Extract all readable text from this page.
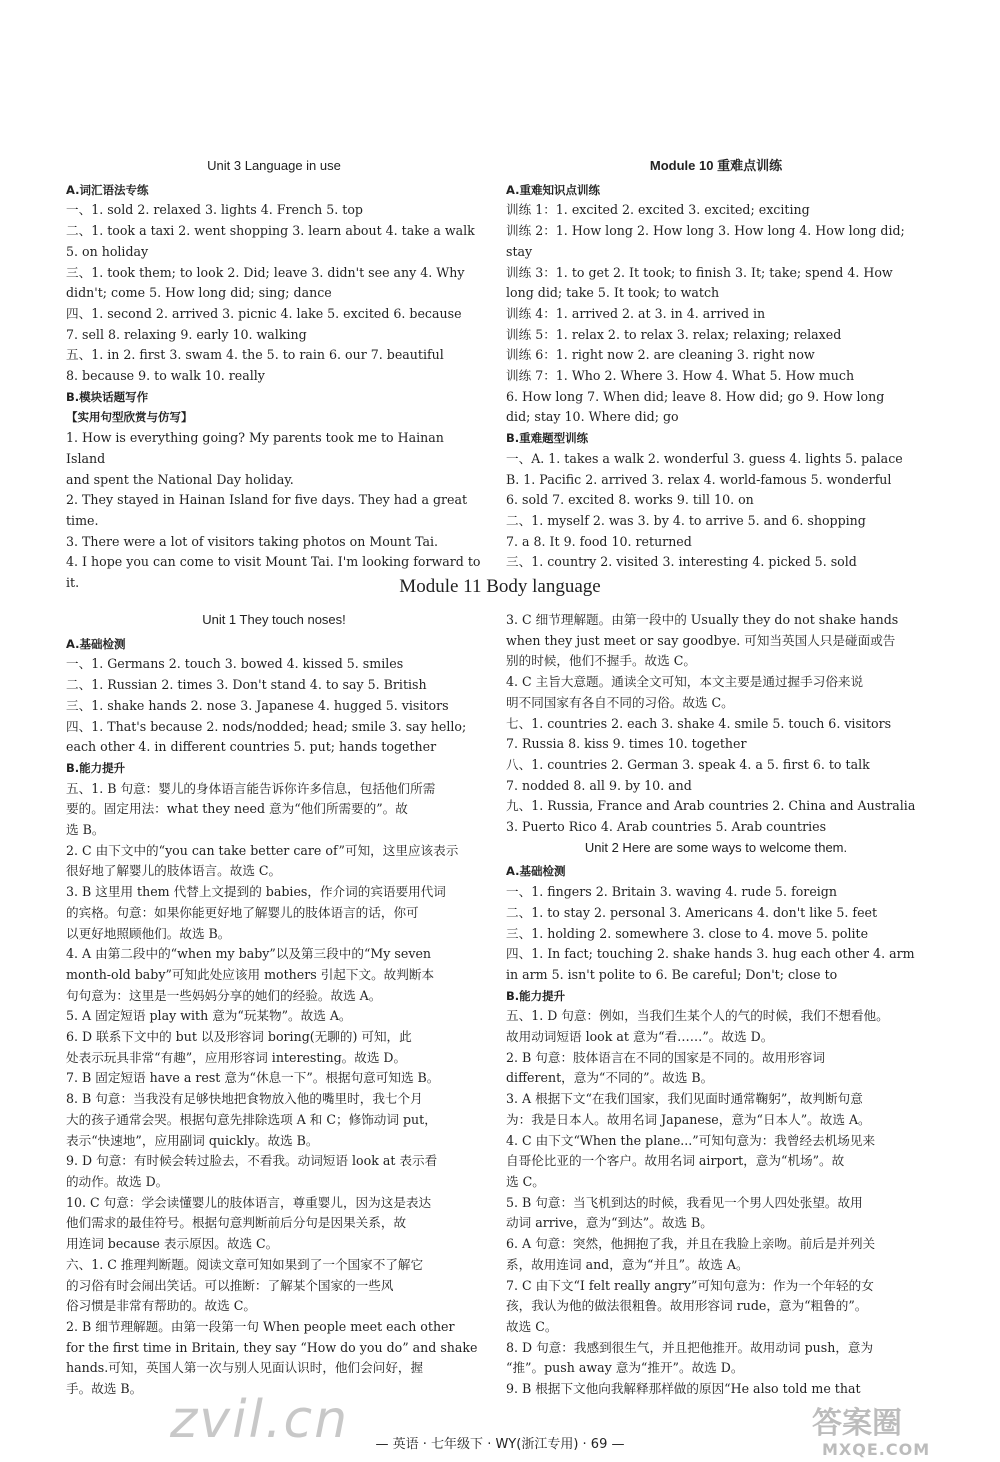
Unit 3 Language in use
A.词汇语法专练
一、1. sold 2. relaxed 3. lights 4. French 5. top
二、1. took a taxi 2. went shopping 3. learn about 4. take a walk
5. on holiday
三、1. took them; to look 2. Did; leave 3. didn't see any 4. Why
didn't; come 5. How long did; sing; dance
四、1. second 2. arrived 3. picnic 4. lake 5. excited 6. because
7. sell 8. relaxing 9. early 10. walking
五、1. in 2. first 3. swam 4. the 5. to rain 6. our 7. beautiful
8. because 9. to walk 10. really
B.模块话题写作
【实用句型欣赏与仿写】
1. How is everything going? My parents took me to Hainan Island
and spent the National Day holiday.
2. They stayed in Hainan Island for five days. They had a great
time.
3. There were a lot of visitors taking photos on Mount Tai.
4. I hope you can come to visit Mount Tai. I'm looking forward to it.
Module 10 重难点训练
A.重难知识点训练
训练 1：1. excited 2. excited 3. excited; exciting
训练 2：1. How long 2. How long 3. How long 4. How long did; stay
训练 3：1. to get 2. It took; to finish 3. It; take; spend 4. How
long did; take 5. It took; to watch
训练 4：1. arrived 2. at 3. in 4. arrived in
训练 5：1. relax 2. to relax 3. relax; relaxing; relaxed
训练 6：1. right now 2. are cleaning 3. right now
训练 7：1. Who 2. Where 3. How 4. What 5. How much
6. How long 7. When did; leave 8. How did; go 9. How long
did; stay 10. Where did; go
B.重难题型训练
一、A. 1. takes a walk 2. wonderful 3. guess 4. lights 5. palace
B. 1. Pacific 2. arrived 3. relax 4. world-famous 5. wonderful
6. sold 7. excited 8. works 9. till 10. on
二、1. myself 2. was 3. by 4. to arrive 5. and 6. shopping
7. a 8. It 9. food 10. returned
三、1. country 2. visited 3. interesting 4. picked 5. sold
Module 11 Body language
Unit 1 They touch noses!
A.基础检测
一、1. Germans 2. touch 3. bowed 4. kissed 5. smiles
二、1. Russian 2. times 3. Don't stand 4. to say 5. British
三、1. shake hands 2. nose 3. Japanese 4. hugged 5. visitors
四、1. That's because 2. nods/nodded; head; smile 3. say hello;
each other 4. in different countries 5. put; hands together
B.能力提升
五、1. B 句意：婴儿的身体语言能告诉你许多信息，包括他们所需
要的。固定用法：what they need 意为“他们所需要的”。故
选 B。
2. C 由下文中的“you can take better care of”可知，这里应该表示
很好地了解婴儿的肢体语言。故选 C。
3. B 这里用 them 代替上文提到的 babies，作介词的宾语要用代词
的宾格。句意：如果你能更好地了解婴儿的肢体语言的话，你可
以更好地照顾他们。故选 B。
4. A 由第二段中的“when my baby”以及第三段中的“My seven
month-old baby”可知此处应该用 mothers 引起下文。故判断本
句句意为：这里是一些妈妈分享的她们的经验。故选 A。
5. A 固定短语 play with 意为“玩某物”。故选 A。
6. D 联系下文中的 but 以及形容词 boring(无聊的) 可知，此
处表示玩具非常“有趣”，应用形容词 interesting。故选 D。
7. B 固定短语 have a rest 意为“休息一下”。根据句意可知选 B。
8. B 句意：当我没有足够快地把食物放入他的嘴里时，我七个月
大的孩子通常会哭。根据句意先排除选项 A 和 C；修饰动词 put，
表示“快速地”，应用副词 quickly。故选 B。
9. D 句意：有时候会转过脸去，不看我。动词短语 look at 表示看
的动作。故选 D。
10. C 句意：学会读懂婴儿的肢体语言，尊重婴儿，因为这是表达
他们需求的最佳符号。根据句意判断前后分句是因果关系，故
用连词 because 表示原因。故选 C。
六、1. C 推理判断题。阅读文章可知如果到了一个国家不了解它
的习俗有时会闹出笑话。可以推断：了解某个国家的一些风
俗习惯是非常有帮助的。故选 C。
2. B 细节理解题。由第一段第一句 When people meet each other
for the first time in Britain, they say “How do you do” and shake
hands.可知，英国人第一次与别人见面认识时，他们会问好，握
手。故选 B。
3. C 细节理解题。由第一段中的 Usually they do not shake hands
when they just meet or say goodbye. 可知当英国人只是碰面或告
别的时候，他们不握手。故选 C。
4. C 主旨大意题。通读全文可知，本文主要是通过握手习俗来说
明不同国家有各自不同的习俗。故选 C。
七、1. countries 2. each 3. shake 4. smile 5. touch 6. visitors
7. Russia 8. kiss 9. times 10. together
八、1. countries 2. German 3. speak 4. a 5. first 6. to talk
7. nodded 8. all 9. by 10. and
九、1. Russia, France and Arab countries 2. China and Australia
3. Puerto Rico 4. Arab countries 5. Arab countries
Unit 2 Here are some ways to welcome them.
A.基础检测
一、1. fingers 2. Britain 3. waving 4. rude 5. foreign
二、1. to stay 2. personal 3. Americans 4. don't like 5. feet
三、1. holding 2. somewhere 3. close to 4. move 5. polite
四、1. In fact; touching 2. shake hands 3. hug each other 4. arm
in arm 5. isn't polite to 6. Be careful; Don't; close to
B.能力提升
五、1. D 句意：例如，当我们生某个人的气的时候，我们不想看他。
故用动词短语 look at 意为“看……”。故选 D。
2. B 句意：肢体语言在不同的国家是不同的。故用形容词
different，意为“不同的”。故选 B。
3. A 根据下文“在我们国家，我们见面时通常鞠躬”，故判断句意
为：我是日本人。故用名词 Japanese，意为“日本人”。故选 A。
4. C 由下文“When the plane...”可知句意为：我曾经去机场见来
自哥伦比亚的一个客户。故用名词 airport，意为“机场”。故
选 C。
5. B 句意：当飞机到达的时候，我看见一个男人四处张望。故用
动词 arrive，意为“到达”。故选 B。
6. A 句意：突然，他拥抱了我，并且在我脸上亲吻。前后是并列关
系，故用连词 and，意为“并且”。故选 A。
7. C 由下文“I felt really angry”可知句意为：作为一个年轻的女
孩，我认为他的做法很粗鲁。故用形容词 rude，意为“粗鲁的”。
故选 C。
8. D 句意：我感到很生气，并且把他推开。故用动词 push，意为
“推”。push away 意为“推开”。故选 D。
9. B 根据下文他向我解释那样做的原因“He also told me that
— 英语 · 七年级下 · WY(浙江专用) · 69 —
zvil.cn	答案圈
MXQE.COM
